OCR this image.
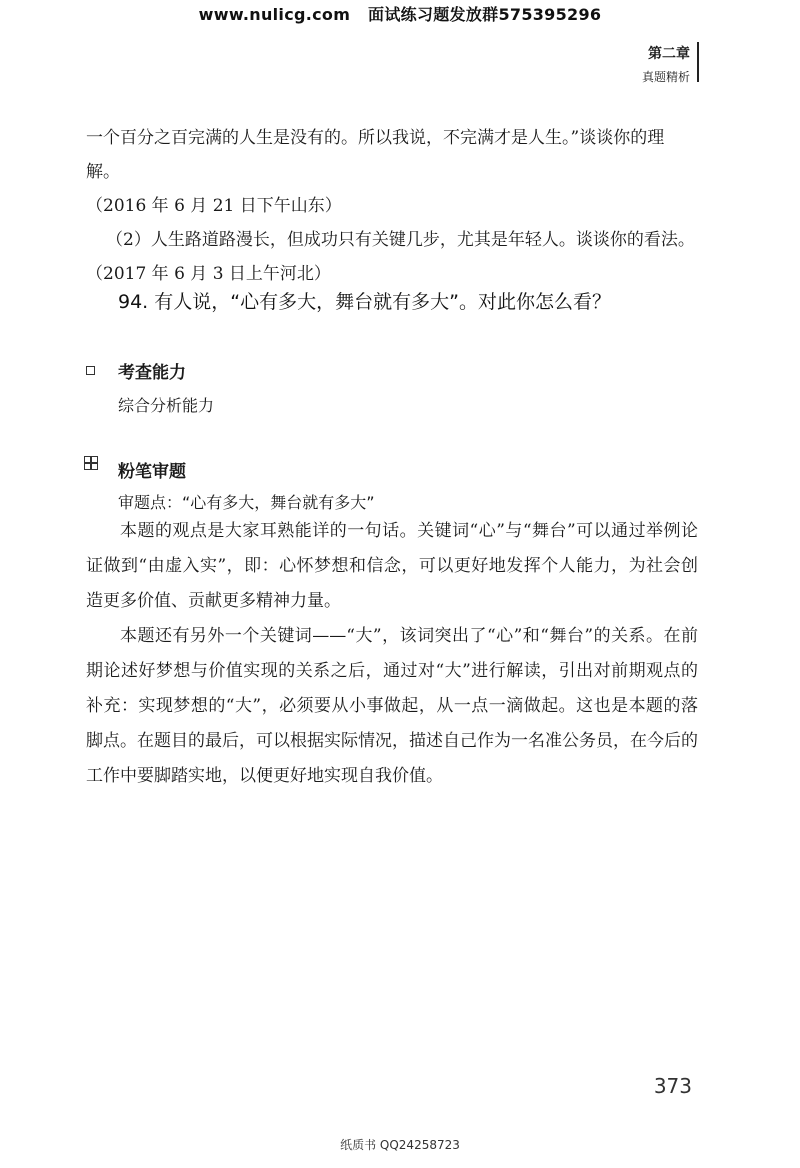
www.nulicg.com 面试练习题发放群575395296
第二章
真题精析
一个百分之百完满的人生是没有的。所以我说，不完满才是人生。”谈谈你的理解。
（2016 年 6 月 21 日下午山东）
（2）人生路道路漫长，但成功只有关键几步，尤其是年轻人。谈谈你的看法。
（2017 年 6 月 3 日上午河北）
94. 有人说，“心有多大，舞台就有多大”。对此你怎么看？
考查能力
综合分析能力
粉笔审题
审题点：“心有多大，舞台就有多大”
本题的观点是大家耳熟能详的一句话。关键词“心”与“舞台”可以通过举例论证做到“由虚入实”，即：心怀梦想和信念，可以更好地发挥个人能力，为社会创造更多价值、贡献更多精神力量。
本题还有另外一个关键词——“大”，该词突出了“心”和“舞台”的关系。在前期论述好梦想与价值实现的关系之后，通过对“大”进行解读，引出对前期观点的补充：实现梦想的“大”，必须要从小事做起，从一点一滴做起。这也是本题的落脚点。在题目的最后，可以根据实际情况，描述自己作为一名准公务员，在今后的工作中要脚踏实地，以便更好地实现自我价值。
373
纸质书 QQ24258723
